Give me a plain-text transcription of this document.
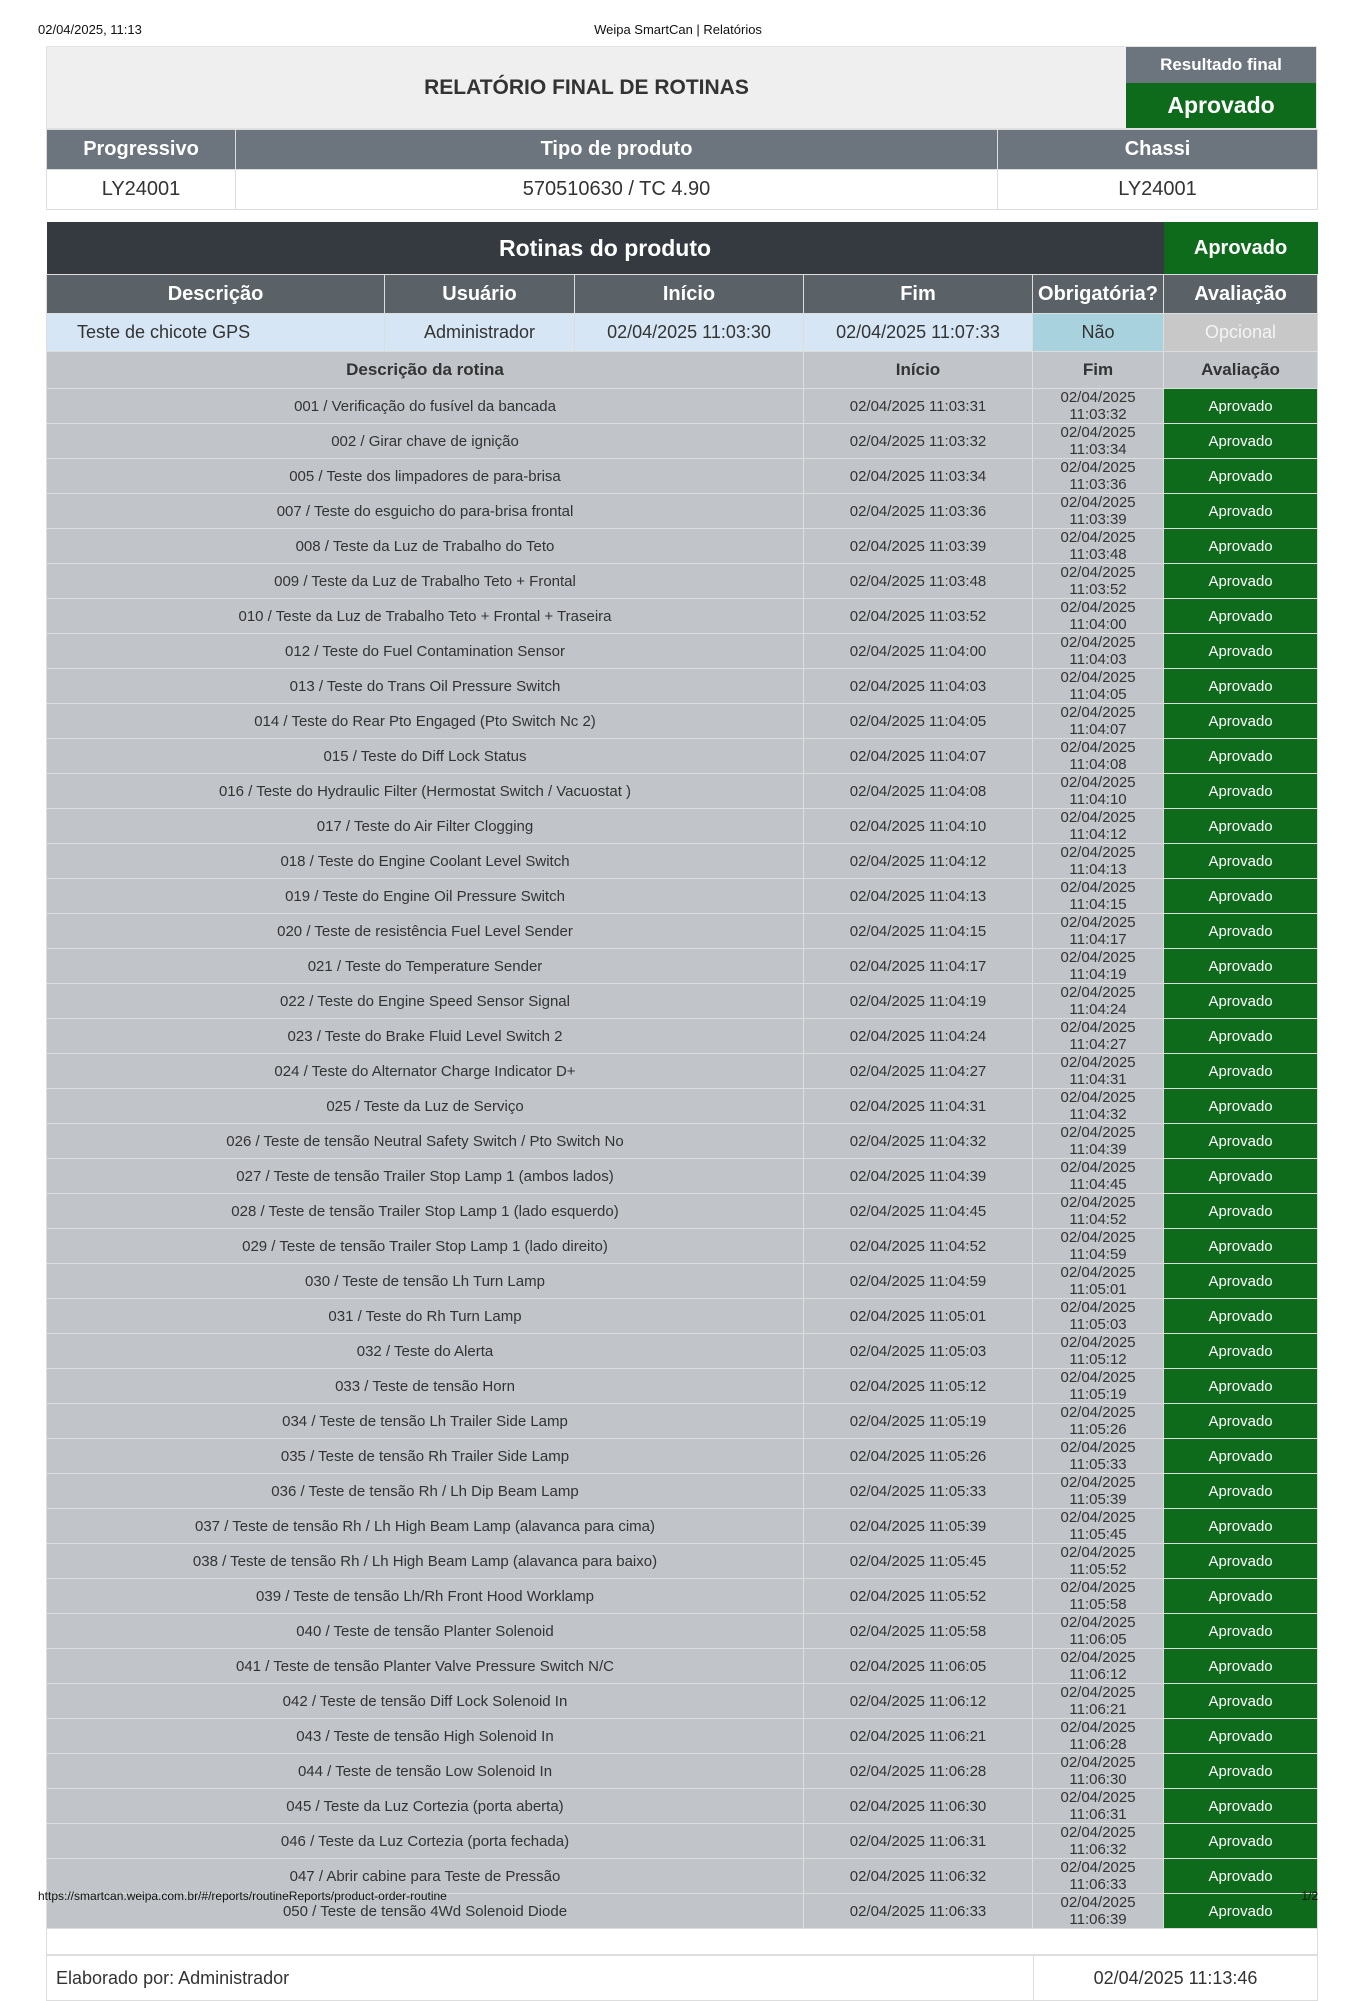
02/04/2025, 11:13	Weipa SmartCan | Relatórios
RELATÓRIO FINAL DE ROTINAS
Resultado final
Aprovado
Progressivo	Tipo de produto	Chassi
LY24001	570510630 / TC 4.90	LY24001
Rotinas do produto					Aprovado
Descrição	Usuário	Início	Fim	Obrigatória?	Avaliação
Teste de chicote GPS	Administrador	02/04/2025 11:03:30	02/04/2025 11:07:33	Não	Opcional
Descrição da rotina			Início	Fim	Avaliação
001 / Verificação do fusível da bancada			02/04/2025 11:03:31	02/04/2025 11:03:32	Aprovado
002 / Girar chave de ignição			02/04/2025 11:03:32	02/04/2025 11:03:34	Aprovado
005 / Teste dos limpadores de para-brisa			02/04/2025 11:03:34	02/04/2025 11:03:36	Aprovado
007 / Teste do esguicho do para-brisa frontal			02/04/2025 11:03:36	02/04/2025 11:03:39	Aprovado
008 / Teste da Luz de Trabalho do Teto			02/04/2025 11:03:39	02/04/2025 11:03:48	Aprovado
009 / Teste da Luz de Trabalho Teto + Frontal			02/04/2025 11:03:48	02/04/2025 11:03:52	Aprovado
010 / Teste da Luz de Trabalho Teto + Frontal + Traseira			02/04/2025 11:03:52	02/04/2025 11:04:00	Aprovado
012 / Teste do Fuel Contamination Sensor			02/04/2025 11:04:00	02/04/2025 11:04:03	Aprovado
013 / Teste do Trans Oil Pressure Switch			02/04/2025 11:04:03	02/04/2025 11:04:05	Aprovado
014 / Teste do Rear Pto Engaged (Pto Switch Nc 2)			02/04/2025 11:04:05	02/04/2025 11:04:07	Aprovado
015 / Teste do Diff Lock Status			02/04/2025 11:04:07	02/04/2025 11:04:08	Aprovado
016 / Teste do Hydraulic Filter (Hermostat Switch / Vacuostat )			02/04/2025 11:04:08	02/04/2025 11:04:10	Aprovado
017 / Teste do Air Filter Clogging			02/04/2025 11:04:10	02/04/2025 11:04:12	Aprovado
018 / Teste do Engine Coolant Level Switch			02/04/2025 11:04:12	02/04/2025 11:04:13	Aprovado
019 / Teste do Engine Oil Pressure Switch			02/04/2025 11:04:13	02/04/2025 11:04:15	Aprovado
020 / Teste de resistência Fuel Level Sender			02/04/2025 11:04:15	02/04/2025 11:04:17	Aprovado
021 / Teste do Temperature Sender			02/04/2025 11:04:17	02/04/2025 11:04:19	Aprovado
022 / Teste do Engine Speed Sensor Signal			02/04/2025 11:04:19	02/04/2025 11:04:24	Aprovado
023 / Teste do Brake Fluid Level Switch 2			02/04/2025 11:04:24	02/04/2025 11:04:27	Aprovado
024 / Teste do Alternator Charge Indicator D+			02/04/2025 11:04:27	02/04/2025 11:04:31	Aprovado
025 / Teste da Luz de Serviço			02/04/2025 11:04:31	02/04/2025 11:04:32	Aprovado
026 / Teste de tensão Neutral Safety Switch / Pto Switch No			02/04/2025 11:04:32	02/04/2025 11:04:39	Aprovado
027 / Teste de tensão Trailer Stop Lamp 1 (ambos lados)			02/04/2025 11:04:39	02/04/2025 11:04:45	Aprovado
028 / Teste de tensão Trailer Stop Lamp 1 (lado esquerdo)			02/04/2025 11:04:45	02/04/2025 11:04:52	Aprovado
029 / Teste de tensão Trailer Stop Lamp 1 (lado direito)			02/04/2025 11:04:52	02/04/2025 11:04:59	Aprovado
030 / Teste de tensão Lh Turn Lamp			02/04/2025 11:04:59	02/04/2025 11:05:01	Aprovado
031 / Teste do Rh Turn Lamp			02/04/2025 11:05:01	02/04/2025 11:05:03	Aprovado
032 / Teste do Alerta			02/04/2025 11:05:03	02/04/2025 11:05:12	Aprovado
033 / Teste de tensão Horn			02/04/2025 11:05:12	02/04/2025 11:05:19	Aprovado
034 / Teste de tensão Lh Trailer Side Lamp			02/04/2025 11:05:19	02/04/2025 11:05:26	Aprovado
035 / Teste de tensão Rh Trailer Side Lamp			02/04/2025 11:05:26	02/04/2025 11:05:33	Aprovado
036 / Teste de tensão Rh / Lh Dip Beam Lamp			02/04/2025 11:05:33	02/04/2025 11:05:39	Aprovado
037 / Teste de tensão Rh / Lh High Beam Lamp (alavanca para cima)			02/04/2025 11:05:39	02/04/2025 11:05:45	Aprovado
038 / Teste de tensão Rh / Lh High Beam Lamp (alavanca para baixo)			02/04/2025 11:05:45	02/04/2025 11:05:52	Aprovado
039 / Teste de tensão Lh/Rh Front Hood Worklamp			02/04/2025 11:05:52	02/04/2025 11:05:58	Aprovado
040 / Teste de tensão Planter Solenoid			02/04/2025 11:05:58	02/04/2025 11:06:05	Aprovado
041 / Teste de tensão Planter Valve Pressure Switch N/C			02/04/2025 11:06:05	02/04/2025 11:06:12	Aprovado
042 / Teste de tensão Diff Lock Solenoid In			02/04/2025 11:06:12	02/04/2025 11:06:21	Aprovado
043 / Teste de tensão High Solenoid In			02/04/2025 11:06:21	02/04/2025 11:06:28	Aprovado
044 / Teste de tensão Low Solenoid In			02/04/2025 11:06:28	02/04/2025 11:06:30	Aprovado
045 / Teste da Luz Cortezia (porta aberta)			02/04/2025 11:06:30	02/04/2025 11:06:31	Aprovado
046 / Teste da Luz Cortezia (porta fechada)			02/04/2025 11:06:31	02/04/2025 11:06:32	Aprovado
047 / Abrir cabine para Teste de Pressão			02/04/2025 11:06:32	02/04/2025 11:06:33	Aprovado
050 / Teste de tensão 4Wd Solenoid Diode			02/04/2025 11:06:33	02/04/2025 11:06:39	Aprovado

Elaborado por: Administrador	02/04/2025 11:13:46
https://smartcan.weipa.com.br/#/reports/routineReports/product-order-routine	1/2
